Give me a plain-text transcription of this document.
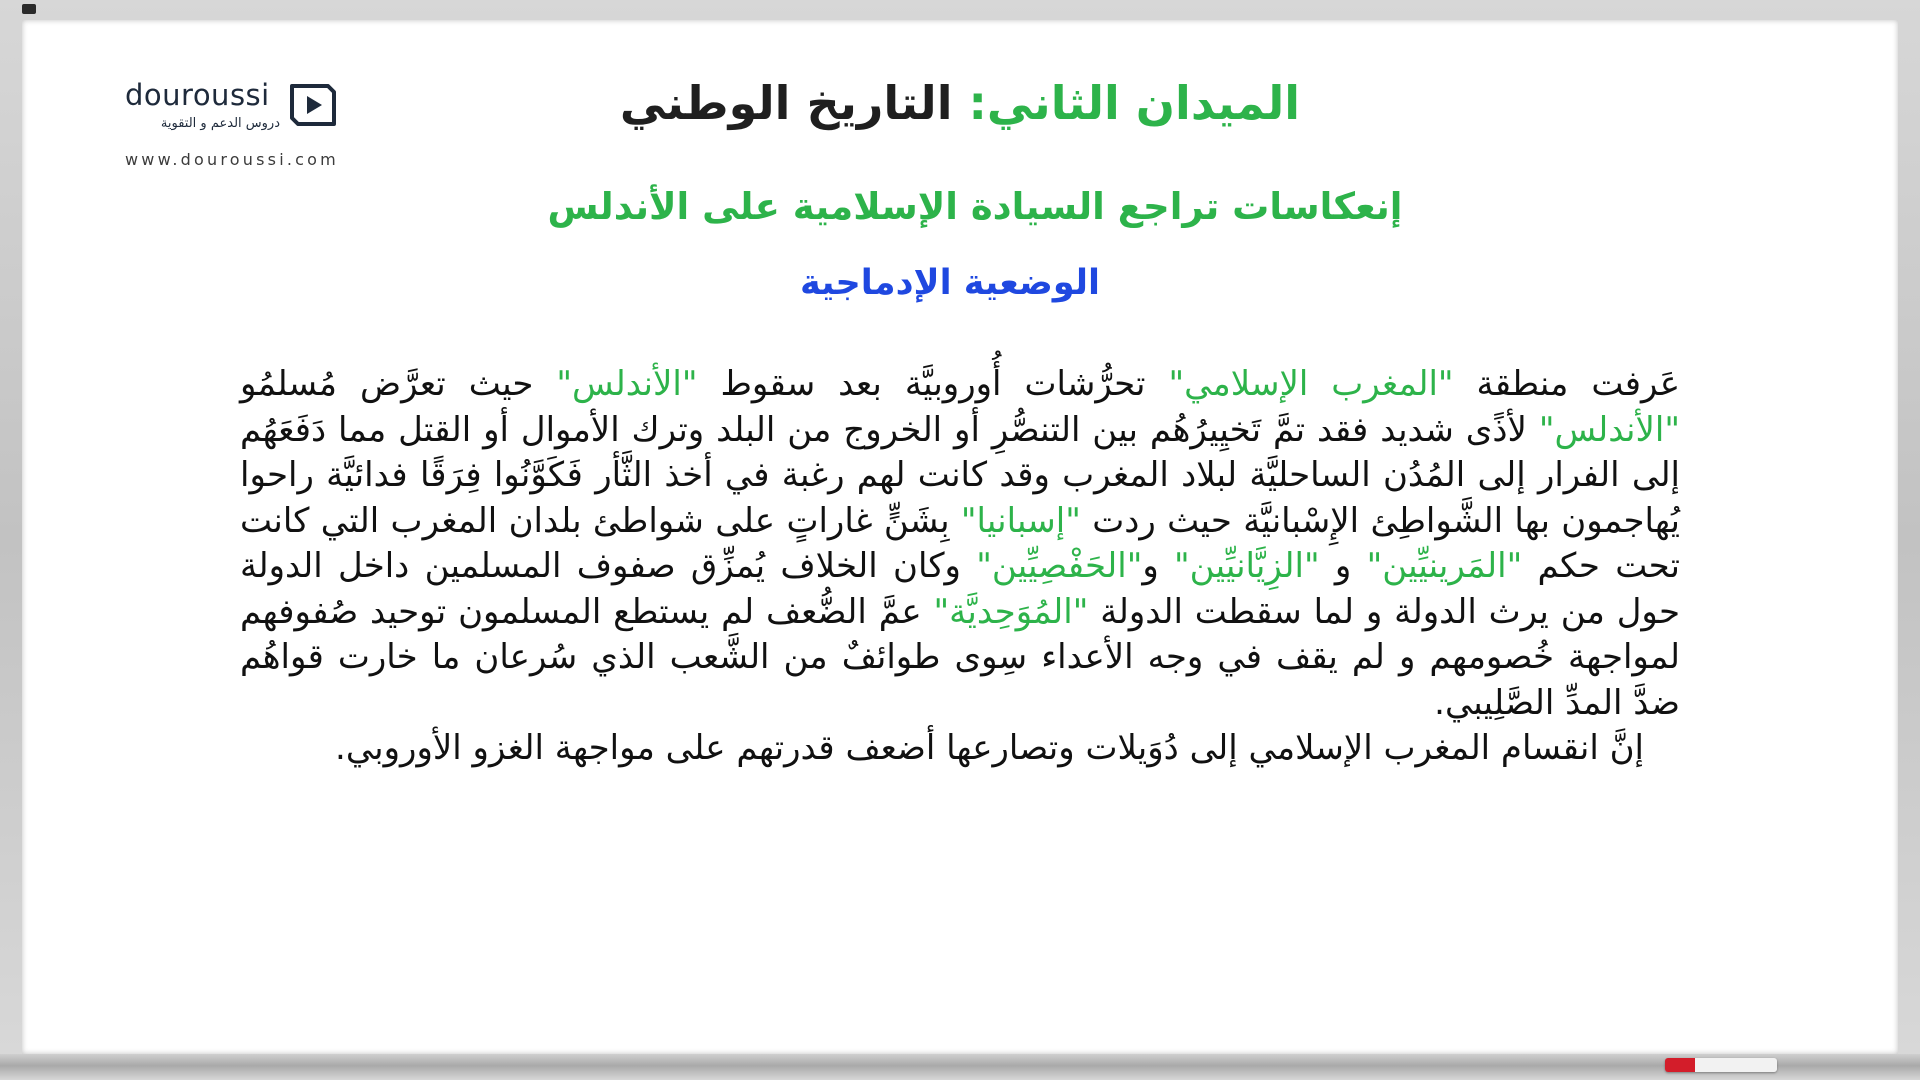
douroussi
دروس الدعم و التقوية
www.douroussi.com
الميدان الثاني: التاريخ الوطني
إنعكاسات تراجع السيادة الإسلامية على الأندلس
الوضعية الإدماجية

عَرفت منطقة "المغرب الإسلامي" تحرُّشات أُوروبيَّة بعد سقوط "الأندلس" حيث تعرَّض مُسلمُو "الأندلس" لأذًى شديد فقد تمَّ تَخيِيرُهُم بين التنصُّرِ أو الخروج من البلد وترك الأموال أو القتل مما دَفَعَهُم إلى الفرار إلى المُدُن الساحليَّة لبلاد المغرب وقد كانت لهم رغبة في أخذ الثَّأر فَكَوَّنُوا فِرَقًا فدائيَّة راحوا يُهاجمون بها الشَّواطِئ الإِسْبانيَّة حيث ردت "إسبانيا" بِشَنٍّ غاراتٍ على شواطئ بلدان المغرب التي كانت تحت حكم "المَرينيِّين" و "الزِيَّانيِّين" و"الحَفْصِيِّين" وكان الخلاف يُمزِّق صفوف المسلمين داخل الدولة حول من يرث الدولة و لما سقطت الدولة "المُوَحِديَّة" عمَّ الضُّعف لم يستطع المسلمون توحيد صُفوفهم لمواجهة خُصومهم و لم يقف في وجه الأعداء سِوى طوائفٌ من الشَّعب الذي سُرعان ما خارت قواهُم ضدَّ المدِّ الصَّلِيبي.

إنَّ انقسام المغرب الإسلامي إلى دُوَيلات وتصارعها أضعف قدرتهم على مواجهة الغزو الأوروبي.
